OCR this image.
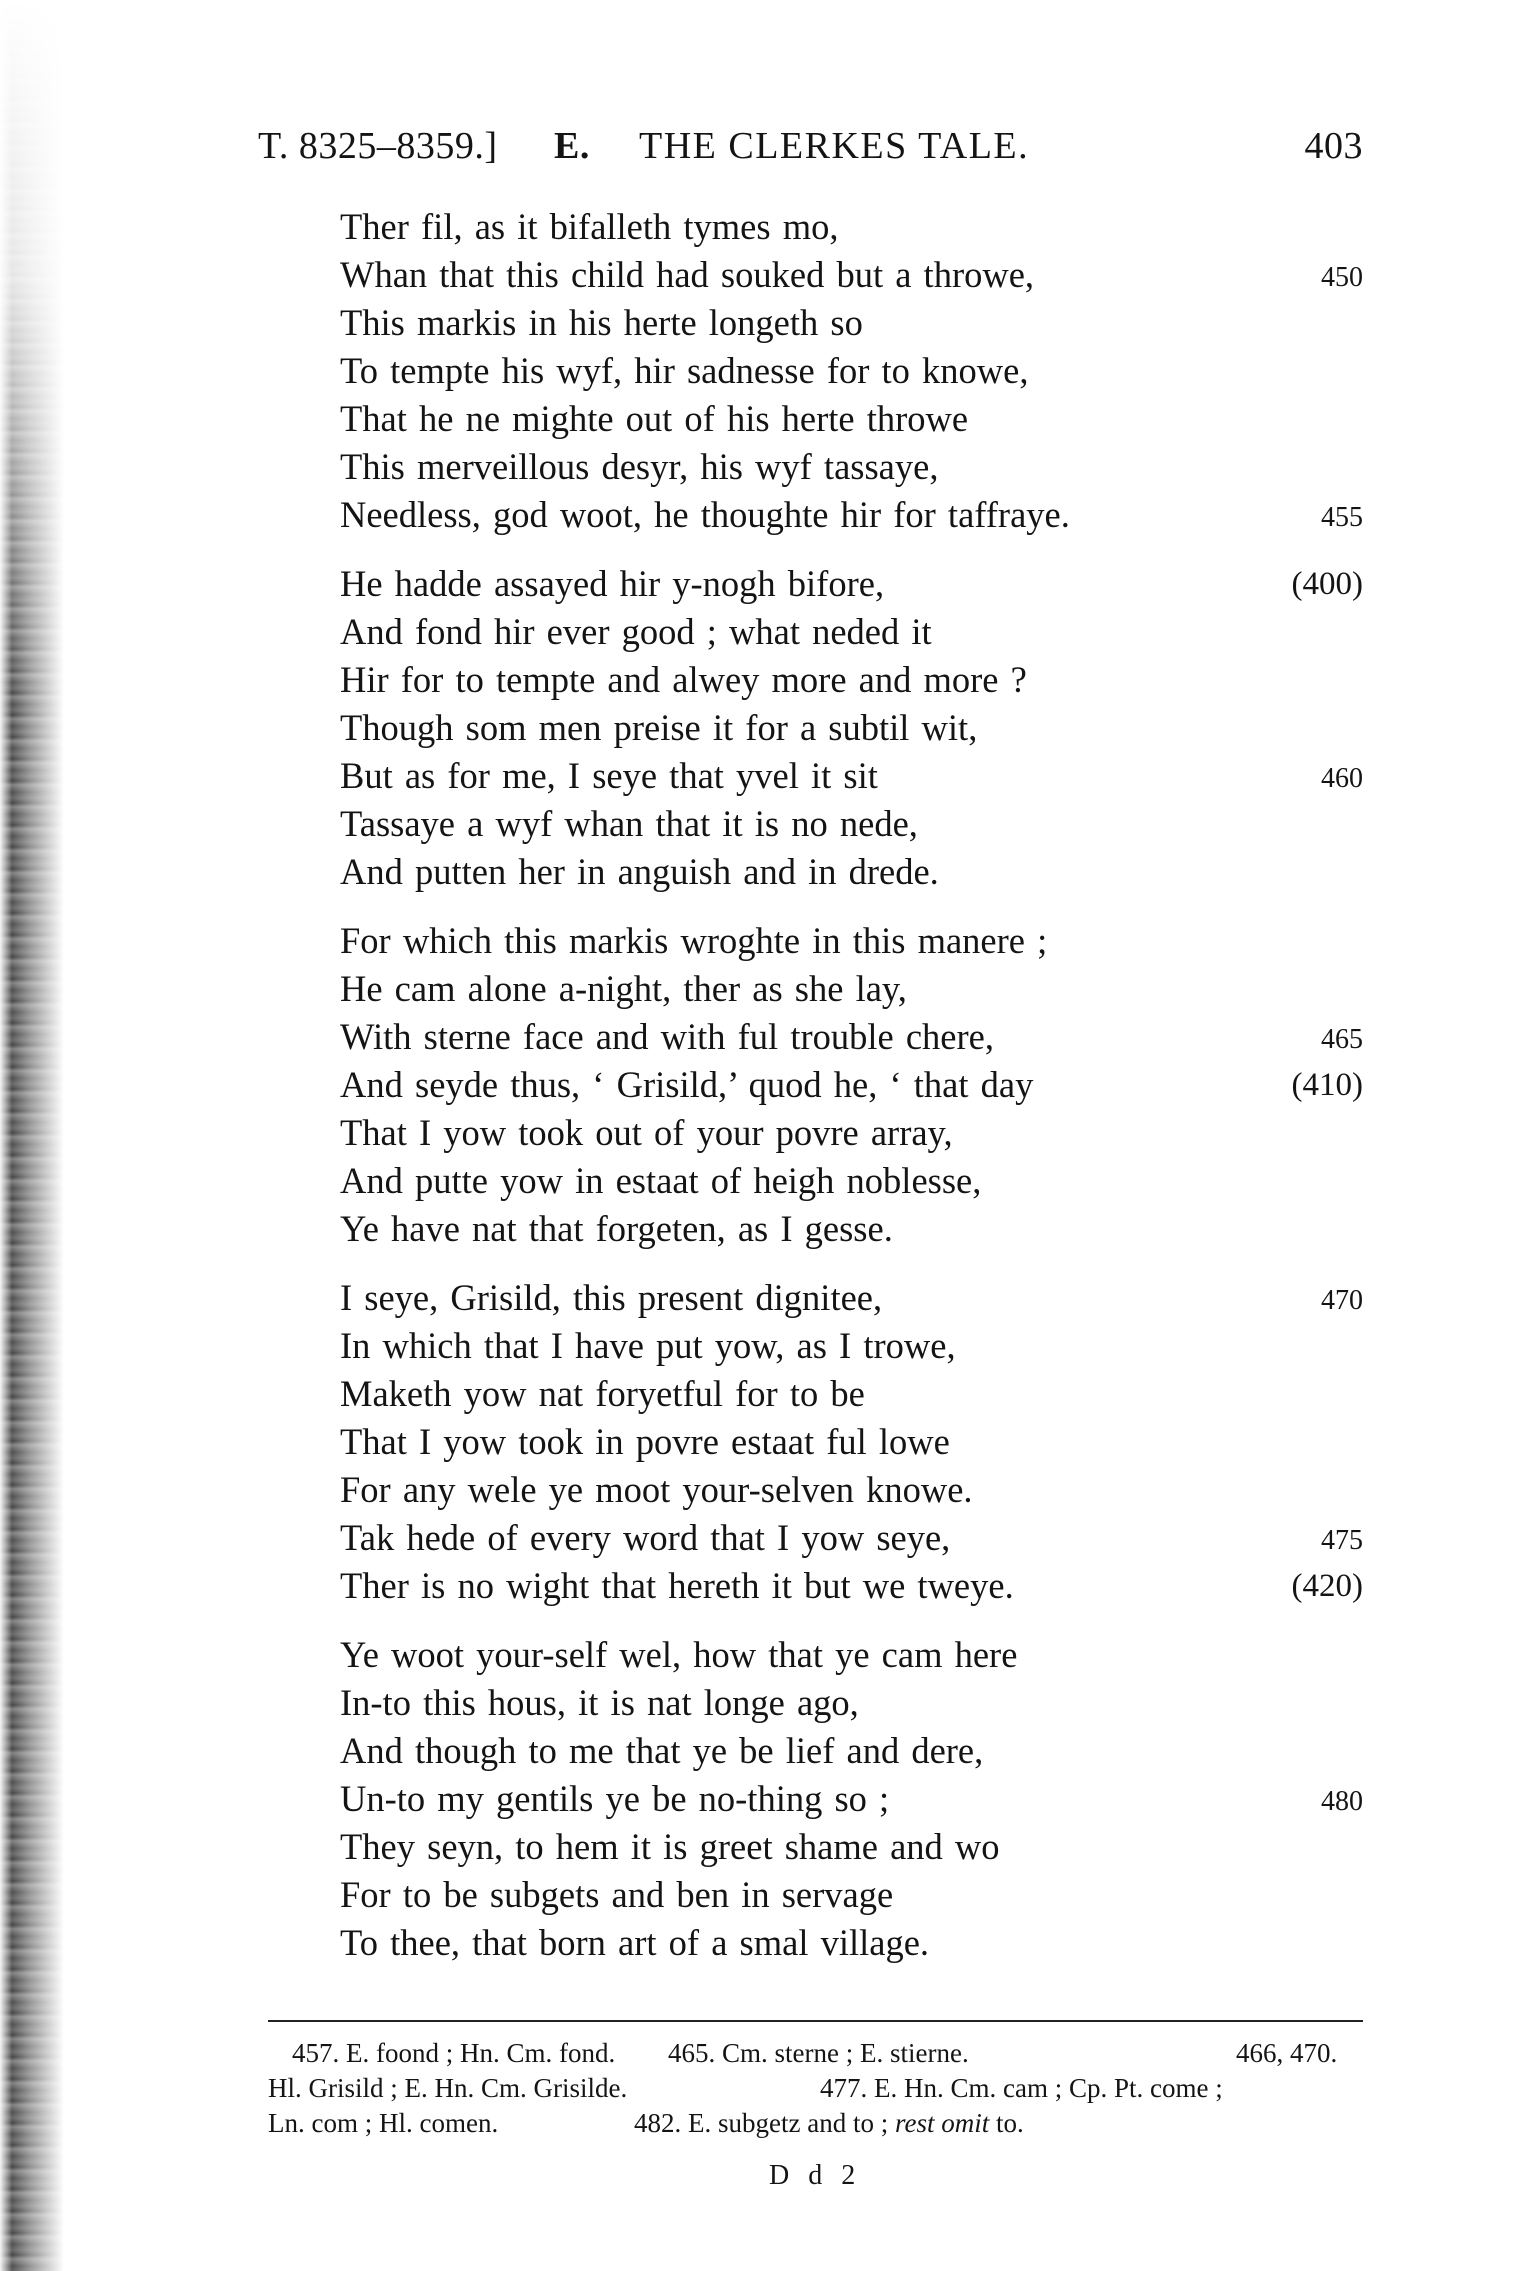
T. 8325–8359.] E. THE CLERKES TALE.	403
Ther fil, as it bifalleth tymes mo,
Whan that this child had souked but a throwe,	450
This markis in his herte longeth so
To tempte his wyf, hir sadnesse for to knowe,
That he ne mighte out of his herte throwe
This merveillous desyr, his wyf tassaye,
Needless, god woot, he thoughte hir for taffraye.	455
He hadde assayed hir y-nogh bifore,	(400)
And fond hir ever good ; what neded it
Hir for to tempte and alwey more and more ?
Though som men preise it for a subtil wit,
But as for me, I seye that yvel it sit	460
Tassaye a wyf whan that it is no nede,
And putten her in anguish and in drede.
For which this markis wroghte in this manere ;
He cam alone a-night, ther as she lay,
With sterne face and with ful trouble chere,	465
And seyde thus, ‘ Grisild,’ quod he, ‘ that day	(410)
That I yow took out of your povre array,
And putte yow in estaat of heigh noblesse,
Ye have nat that forgeten, as I gesse.
I seye, Grisild, this present dignitee,	470
In which that I have put yow, as I trowe,
Maketh yow nat foryetful for to be
That I yow took in povre estaat ful lowe
For any wele ye moot your-selven knowe.
Tak hede of every word that I yow seye,	475
Ther is no wight that hereth it but we tweye.	(420)
Ye woot your-self wel, how that ye cam here
In-to this hous, it is nat longe ago,
And though to me that ye be lief and dere,
Un-to my gentils ye be no-thing so ;	480
They seyn, to hem it is greet shame and wo
For to be subgets and ben in servage
To thee, that born art of a smal village.
457. E. foond ; Hn. Cm. fond. 465. Cm. sterne ; E. stierne.	466, 470.
Hl. Grisild ; E. Hn. Cm. Grisilde.	477. E. Hn. Cm. cam ; Cp. Pt. come ;
Ln. com ; Hl. comen.	482. E. subgetz and to ; rest omit to.
D d 2
